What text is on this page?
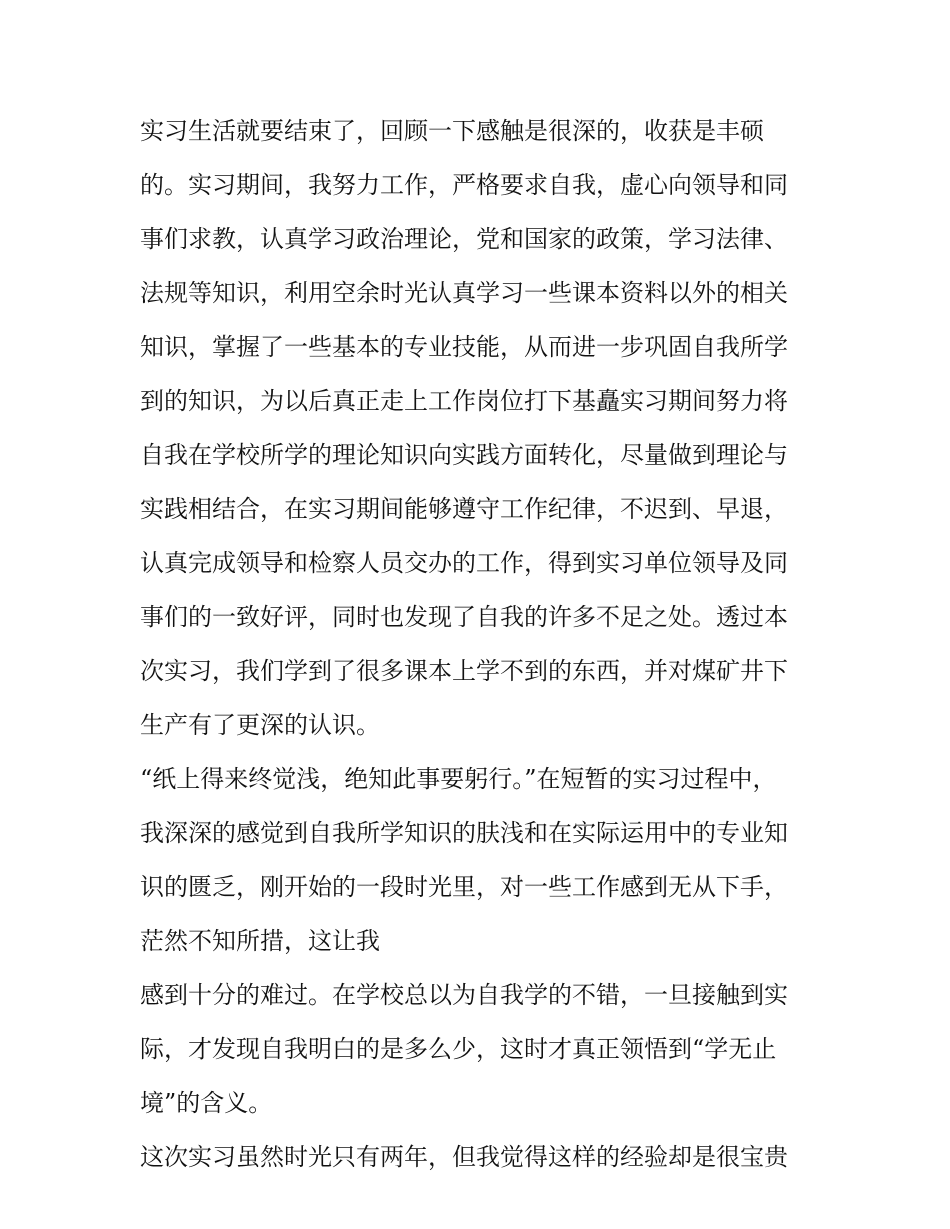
实习生活就要结束了，回顾一下感触是很深的，收获是丰硕
的。实习期间，我努力工作，严格要求自我，虚心向领导和同
事们求教，认真学习政治理论，党和国家的政策，学习法律、
法规等知识，利用空余时光认真学习一些课本资料以外的相关
知识，掌握了一些基本的专业技能，从而进一步巩固自我所学
到的知识，为以后真正走上工作岗位打下基矗实习期间努力将
自我在学校所学的理论知识向实践方面转化，尽量做到理论与
实践相结合，在实习期间能够遵守工作纪律，不迟到、早退，
认真完成领导和检察人员交办的工作，得到实习单位领导及同
事们的一致好评，同时也发现了自我的许多不足之处。透过本
次实习，我们学到了很多课本上学不到的东西，并对煤矿井下
生产有了更深的认识。
“纸上得来终觉浅，绝知此事要躬行。”在短暂的实习过程中，
我深深的感觉到自我所学知识的肤浅和在实际运用中的专业知
识的匮乏，刚开始的一段时光里，对一些工作感到无从下手，
茫然不知所措，这让我
感到十分的难过。在学校总以为自我学的不错，一旦接触到实
际，才发现自我明白的是多么少，这时才真正领悟到“学无止
境”的含义。
这次实习虽然时光只有两年，但我觉得这样的经验却是很宝贵
